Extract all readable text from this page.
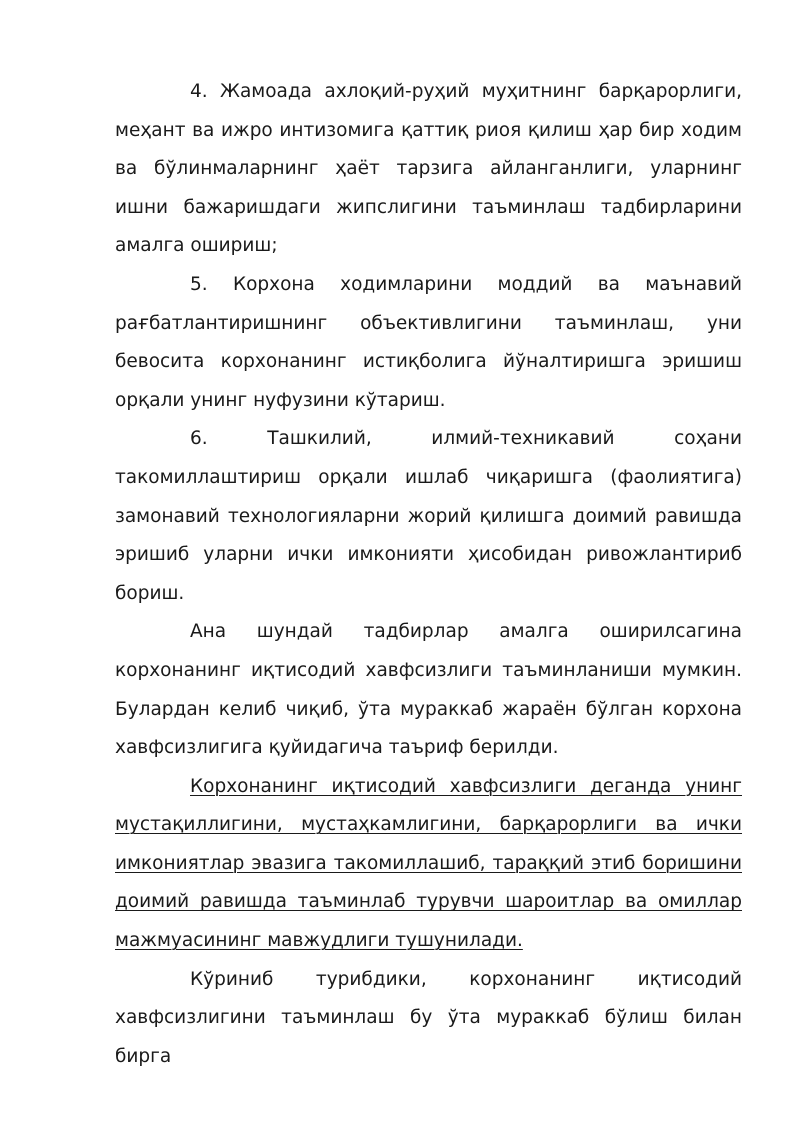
4. Жамоада ахлоқий-руҳий муҳитнинг барқарорлиги, меҳант ва ижро интизомига қаттиқ риоя қилиш ҳар бир ходим ва бўлинмаларнинг ҳаёт тарзига айланганлиги, уларнинг ишни бажаришдаги жипслигини таъминлаш тадбирларини амалга ошириш;

5. Корхона ходимларини моддий ва маънавий рағбатлантиришнинг объективлигини таъминлаш, уни бевосита корхонанинг истиқболига йўналтиришга эришиш орқали унинг нуфузини кўтариш.

6. Ташкилий, илмий-техникавий соҳани такомиллаштириш орқали ишлаб чиқаришга (фаолиятига) замонавий технологияларни жорий қилишга доимий равишда эришиб уларни ички имконияти ҳисобидан ривожлантириб бориш.

Ана шундай тадбирлар амалга оширилсагина корхонанинг иқтисодий хавфсизлиги таъминланиши мумкин. Булардан келиб чиқиб, ўта мураккаб жараён бўлган корхона хавфсизлигига қуйидагича таъриф берилди.

Корхонанинг иқтисодий хавфсизлиги деганда унинг мустақиллигини, мустаҳкамлигини, барқарорлиги ва ички имкониятлар эвазига такомиллашиб, тараққий этиб боришини доимий равишда таъминлаб турувчи шароитлар ва омиллар мажмуасининг мавжудлиги тушунилади.

Кўриниб турибдики, корхонанинг иқтисодий хавфсизлигини таъминлаш бу ўта мураккаб бўлиш билан бирга
